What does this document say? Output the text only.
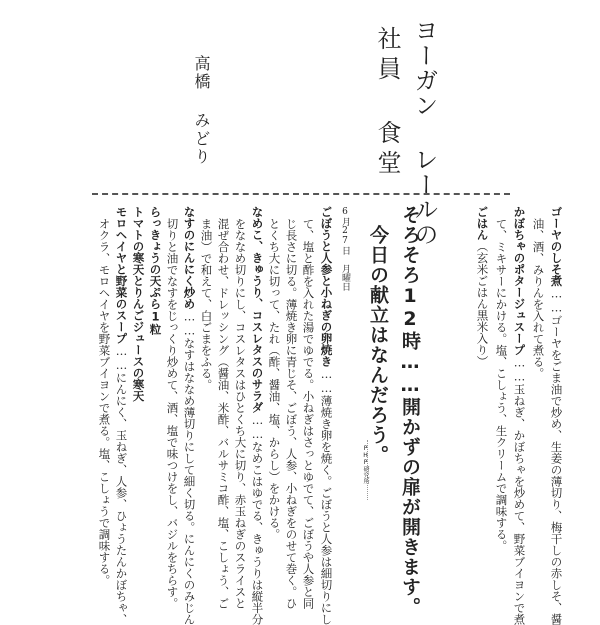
ヨーガン レールの
社員 食堂
高橋 みどり
ゴーヤのしそ煮……ゴーヤをごま油で炒め、生姜の薄切り、梅干しの赤しそ、醤
油、酒、みりんを入れて煮る。
かぼちゃのポタージュスープ……玉ねぎ、かぼちゃを炒めて、野菜ブイヨンで煮
て、ミキサーにかける。塩、こしょう、生クリームで調味する。
ごはん（玄米ごはん黒米入り）
そろそろ12時……開かずの扉が開きます。
今日の献立はなんだろう。
PHP研究所
6月27日　月曜日
ごぼうと人参と小ねぎの卵焼き……薄焼き卵を焼く。ごぼうと人参は細切りにし
て、塩と酢を入れた湯でゆでる。小ねぎはさっとゆでて、ごぼうや人参と同
じ長さに切る。薄焼き卵に青じそ、ごぼう、人参、小ねぎをのせて巻く。ひ
とくち大に切って、たれ（酢、醤油、塩、からし）をかける。
なめこ、きゅうり、コスレタスのサラダ……なめこはゆでる、きゅうりは縦半分
をななめ切りにし、コスレタスはひとくち大に切り、赤玉ねぎのスライスと
混ぜ合わせ、ドレッシング（醤油、米酢、バルサミコ酢、塩、こしょう、ご
ま油）で和えて、白ごまをふる。
なすのにんにく炒め……なすはななめ薄切りにして細く切る。にんにくのみじん
切りと油でなすをじっくり炒めて、酒、塩で味つけをし、バジルをちらす。
らっきょうの天ぷら1粒
トマトの寒天とりんごジュースの寒天
モロヘイヤと野菜のスープ……にんにく、玉ねぎ、人参、ひょうたんかぼちゃ、
オクラ、モロヘイヤを野菜ブイヨンで煮る。塩、こしょうで調味する。
